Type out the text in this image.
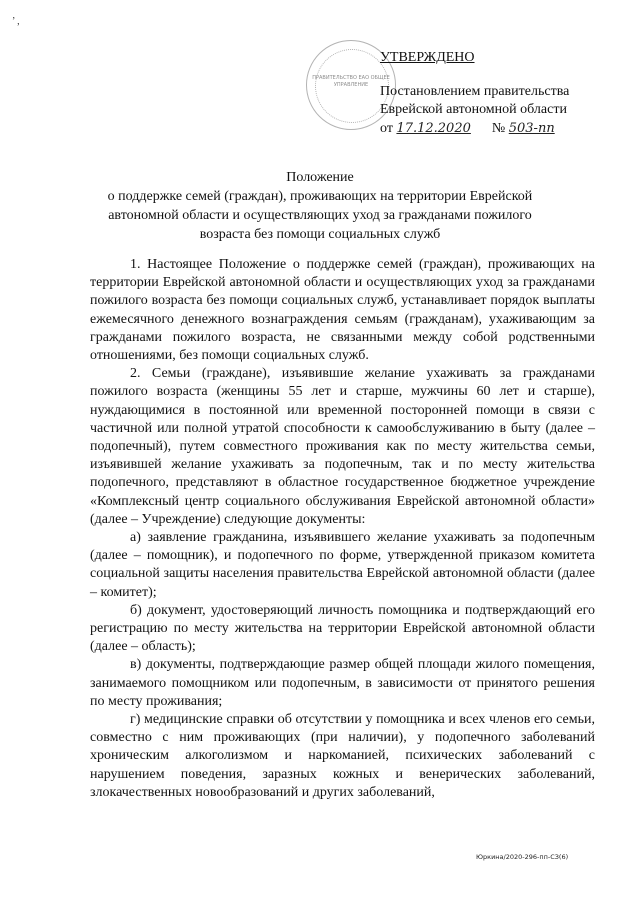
’ ,
ПРАВИТЕЛЬСТВО ЕАО ОБЩЕЕ УПРАВЛЕНИЕ
УТВЕРЖДЕНО
Постановлением правительства
Еврейской автономной области
от 17.12.2020 № 503-пп
Положение
о поддержке семей (граждан), проживающих на территории Еврейской автономной области и осуществляющих уход за гражданами пожилого возраста без помощи социальных служб

1. Настоящее Положение о поддержке семей (граждан), проживающих на территории Еврейской автономной области и осуществляющих уход за гражданами пожилого возраста без помощи социальных служб, устанавливает порядок выплаты ежемесячного денежного вознаграждения семьям (гражданам), ухаживающим за гражданами пожилого возраста, не связанными между собой родственными отношениями, без помощи социальных служб.

2. Семьи (граждане), изъявившие желание ухаживать за гражданами пожилого возраста (женщины 55 лет и старше, мужчины 60 лет и старше), нуждающимися в постоянной или временной посторонней помощи в связи с частичной или полной утратой способности к самообслуживанию в быту (далее – подопечный), путем совместного проживания как по месту жительства семьи, изъявившей желание ухаживать за подопечным, так и по месту жительства подопечного, представляют в областное государственное бюджетное учреждение «Комплексный центр социального обслуживания Еврейской автономной области» (далее – Учреждение) следующие документы:

а) заявление гражданина, изъявившего желание ухаживать за подопечным (далее – помощник), и подопечного по форме, утвержденной приказом комитета социальной защиты населения правительства Еврейской автономной области (далее – комитет);

б) документ, удостоверяющий личность помощника и подтверждающий его регистрацию по месту жительства на территории Еврейской автономной области (далее – область);

в) документы, подтверждающие размер общей площади жилого помещения, занимаемого помощником или подопечным, в зависимости от принятого решения по месту проживания;

г) медицинские справки об отсутствии у помощника и всех членов его семьи, совместно с ним проживающих (при наличии), у подопечного заболеваний хроническим алкоголизмом и наркоманией, психических заболеваний с нарушением поведения, заразных кожных и венерических заболеваний, злокачественных новообразований и других заболеваний,

Юркина/2020-296-пп-СЗ(6)
